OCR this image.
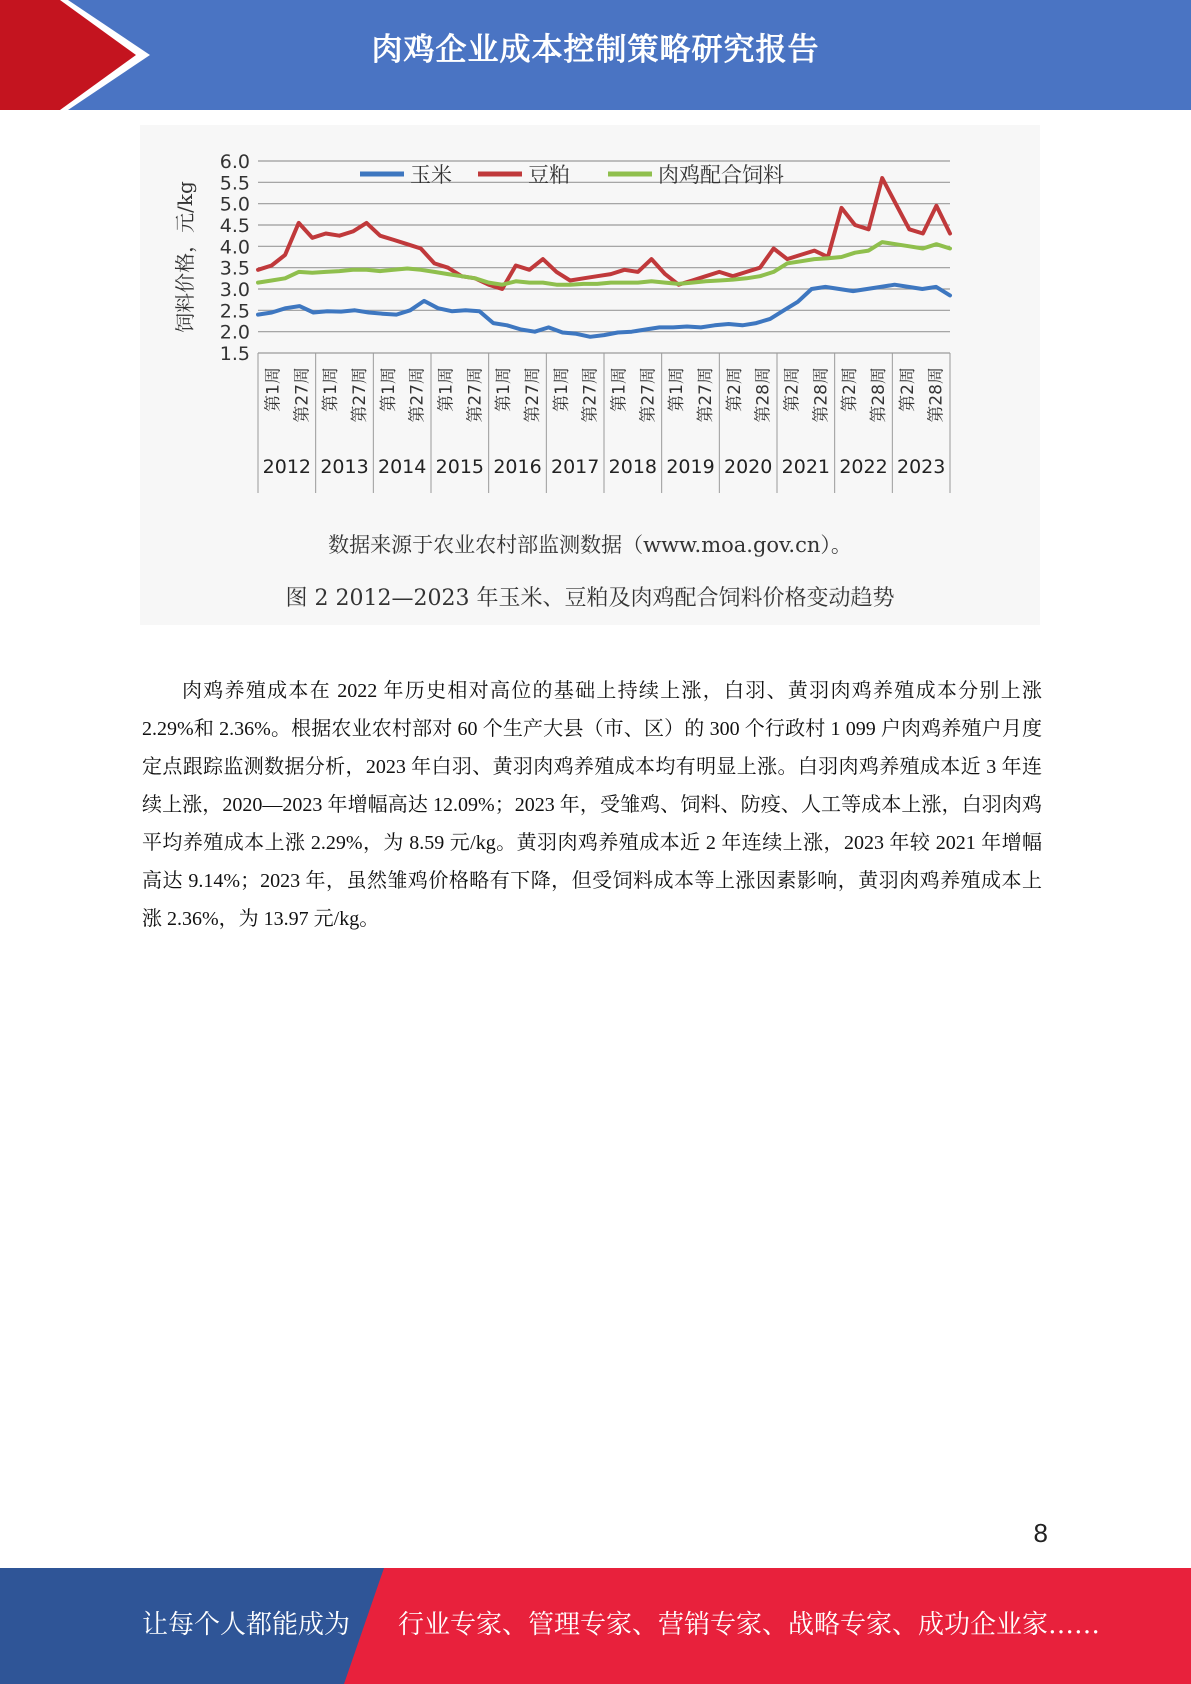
肉鸡企业成本控制策略研究报告
6.0
5.5
5.0
4.5
4.0
3.5
3.0
2.5
2.0
1.5
饲料价格，元/kg
第1周 第27周 第1周 第27周 第1周 第27周 第1周 第27周 第1周 第27周 第1周 第27周 第1周 第27周 第1周 第27周 第2周 第28周 第2周 第28周 第2周 第28周 第2周 第28周
2012 2013 2014 2015 2016 2017 2018 2019 2020 2021 2022 2023
玉米	豆粕	肉鸡配合饲料
数据来源于农业农村部监测数据（www.moa.gov.cn）。
图 2 2012—2023 年玉米、豆粕及肉鸡配合饲料价格变动趋势

肉鸡养殖成本在 2022 年历史相对高位的基础上持续上涨，白羽、黄羽肉鸡养殖成本分别上涨 2.29%和 2.36%。根据农业农村部对 60 个生产大县（市、区）的 300 个行政村 1 099 户肉鸡养殖户月度定点跟踪监测数据分析，2023 年白羽、黄羽肉鸡养殖成本均有明显上涨。白羽肉鸡养殖成本近 3 年连续上涨，2020—2023 年增幅高达 12.09%；2023 年，受雏鸡、饲料、防疫、人工等成本上涨，白羽肉鸡平均养殖成本上涨 2.29%，为 8.59 元/kg。黄羽肉鸡养殖成本近 2 年连续上涨，2023 年较 2021 年增幅高达 9.14%；2023 年，虽然雏鸡价格略有下降，但受饲料成本等上涨因素影响，黄羽肉鸡养殖成本上涨 2.36%，为 13.97 元/kg。

8
让每个人都能成为 行业专家、管理专家、营销专家、战略专家、成功企业家……
